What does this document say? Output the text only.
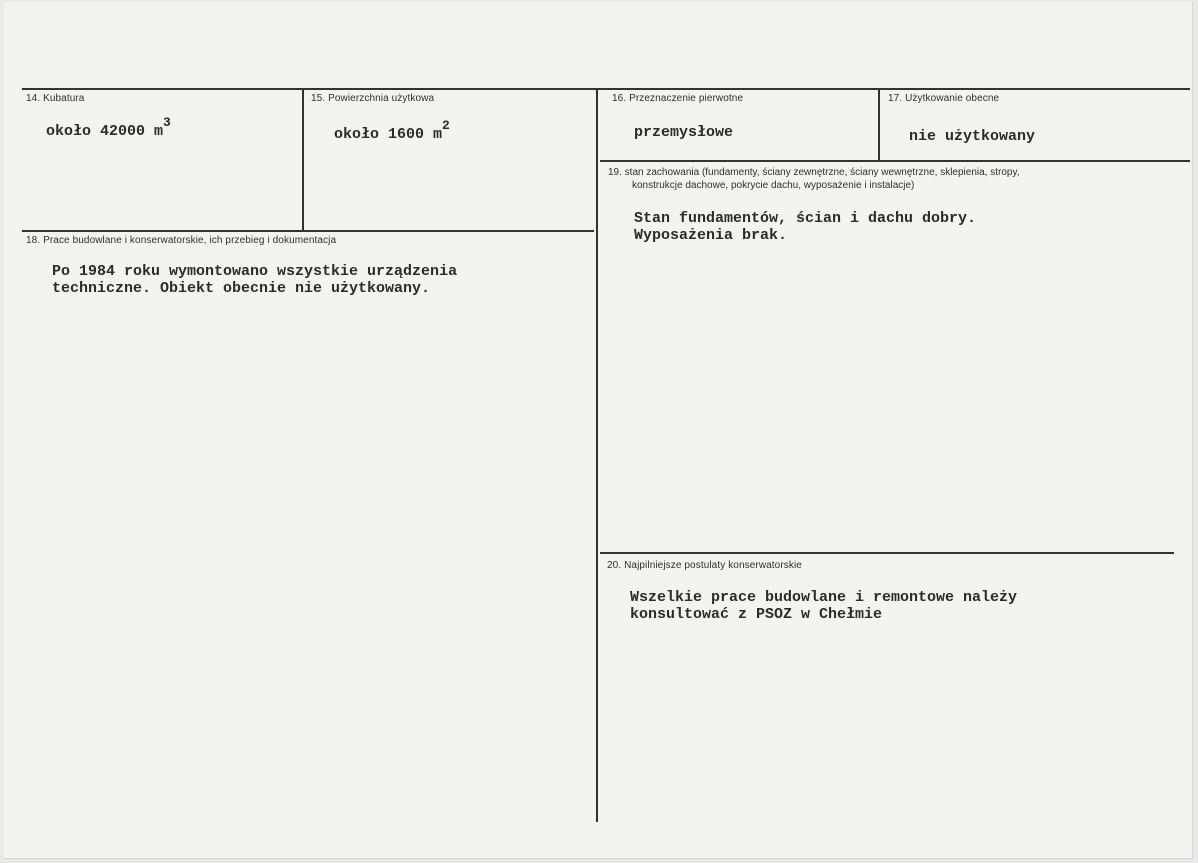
14. Kubatura
około 42000 $m^3$
15. Powierzchnia użytkowa
około 1600 $m^2$
16. Przeznaczenie pierwotne
przemysłowe
17. Użytkowanie obecne
nie użytkowany
18. Prace budowlane i konserwatorskie, ich przebieg i dokumentacja
Po 1984 roku wymontowano wszystkie urządzenia
techniczne. Obiekt obecnie nie użytkowany.
19. stan zachowania (fundamenty, ściany zewnętrzne, ściany wewnętrzne, sklepienia, stropy,
konstrukcje dachowe, pokrycie dachu, wyposażenie i instalacje)
Stan fundamentów, ścian i dachu dobry.
Wyposażenia brak.
20. Najpilniejsze postulaty konserwatorskie
Wszelkie prace budowlane i remontowe należy
konsultować z PSOZ w Chełmie
